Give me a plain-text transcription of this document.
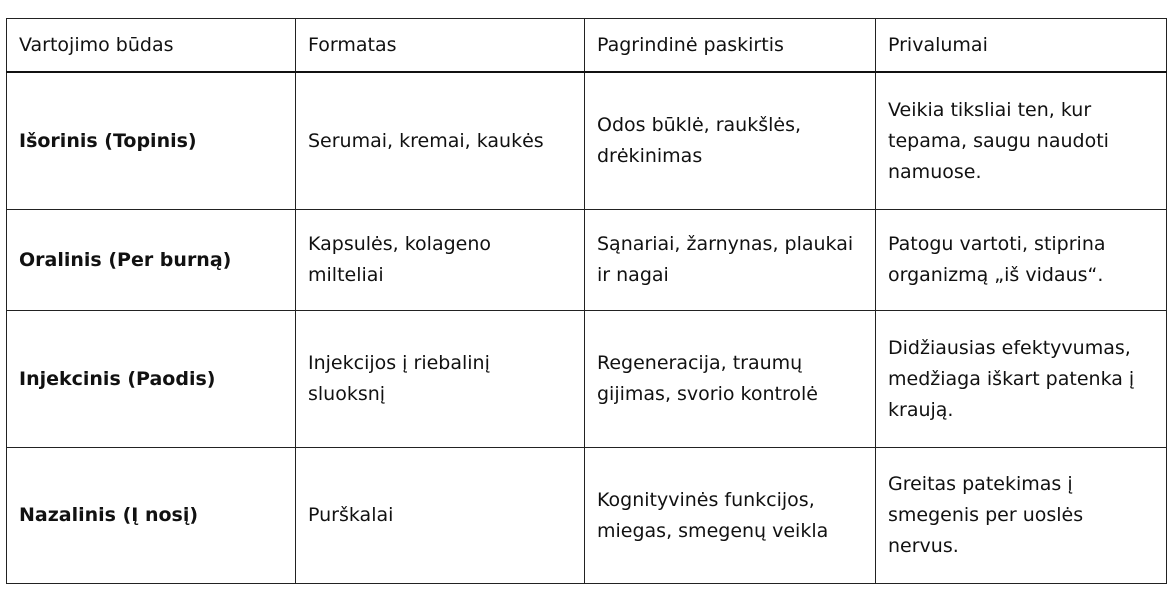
Vartojimo būdas	Formatas	Pagrindinė paskirtis	Privalumai
Išorinis (Topinis)	Serumai, kremai, kaukės	Odos būklė, raukšlės, drėkinimas	Veikia tiksliai ten, kur tepama, saugu naudoti namuose.
Oralinis (Per burną)	Kapsulės, kolageno milteliai	Sąnariai, žarnynas, plaukai ir nagai	Patogu vartoti, stiprina organizmą „iš vidaus“.
Injekcinis (Paodis)	Injekcijos į riebalinį sluoksnį	Regeneracija, traumų gijimas, svorio kontrolė	Didžiausias efektyvumas, medžiaga iškart patenka į kraują.
Nazalinis (Į nosį)	Purškalai	Kognityvinės funkcijos, miegas, smegenų veikla	Greitas patekimas į smegenis per uoslės nervus.
